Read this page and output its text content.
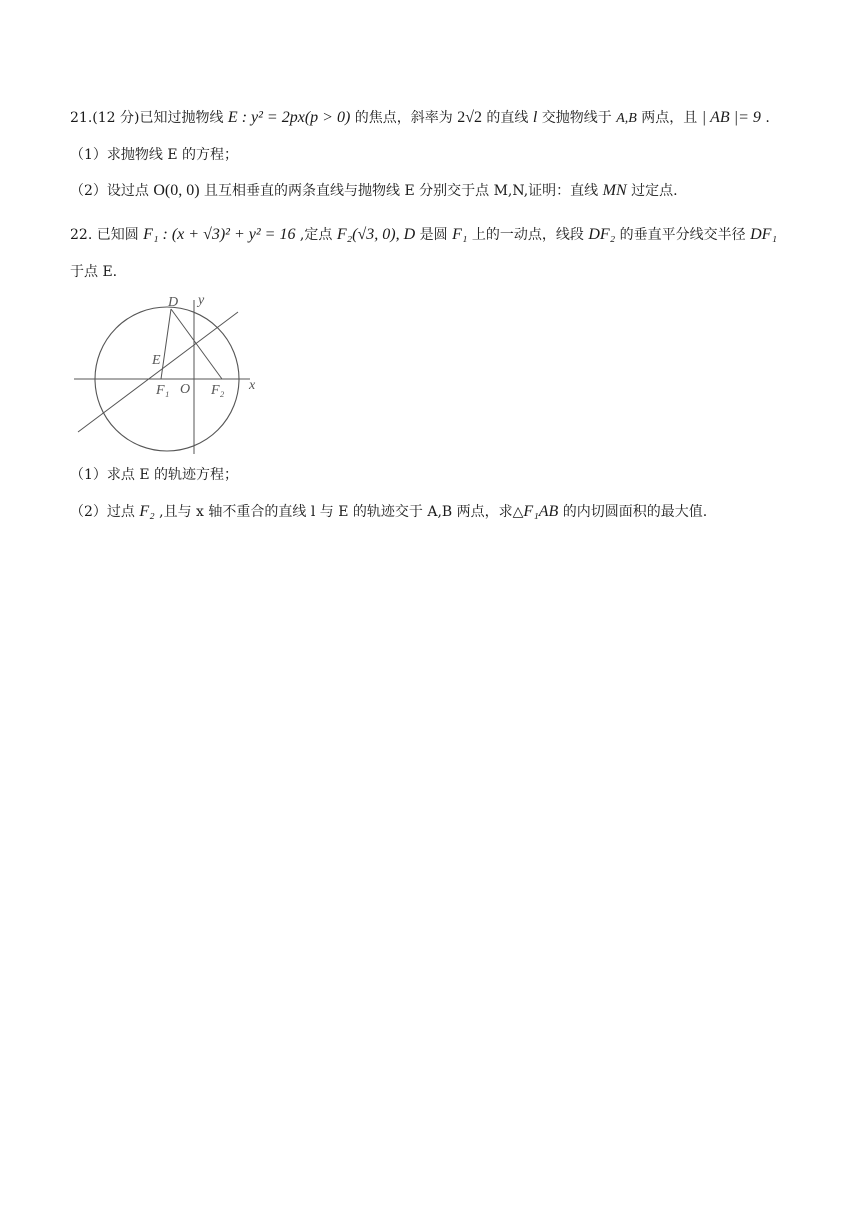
21.(12 分)已知过抛物线 E : y² = 2px(p > 0) 的焦点，斜率为 2√2 的直线 l 交抛物线于 A,B 两点，且 | AB |= 9 .
（1）求抛物线 E 的方程；
（2）设过点 O(0, 0) 且互相垂直的两条直线与抛物线 E 分别交于点 M,N,证明：直线 MN 过定点.
22. 已知圆 F₁ : (x + √3)² + y² = 16 ,定点 F₂(√3, 0), D 是圆 F₁ 上的一动点，线段 DF₂ 的垂直平分线交半径 DF₁
于点 E.
D y
E
F₁ O F₂ x
（1）求点 E 的轨迹方程；
（2）过点 F₂ ,且与 x 轴不重合的直线 l 与 E 的轨迹交于 A,B 两点，求△F₁AB 的内切圆面积的最大值.
